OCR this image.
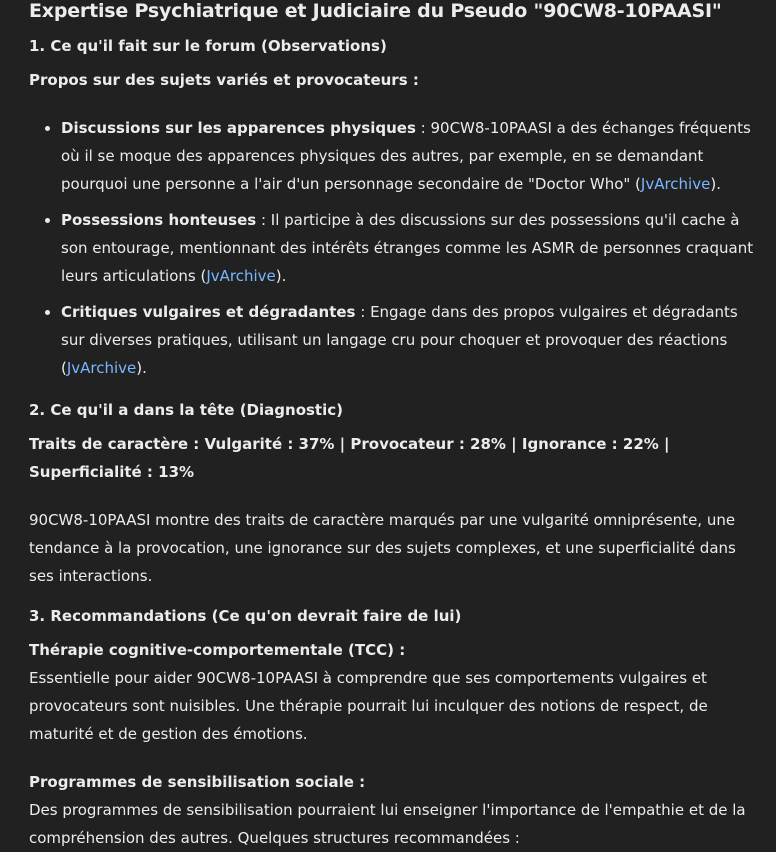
Expertise Psychiatrique et Judiciaire du Pseudo "90CW8-10PAASI"
1. Ce qu'il fait sur le forum (Observations)

Propos sur des sujets variés et provocateurs :

• Discussions sur les apparences physiques : 90CW8-10PAASI a des échanges fréquents où il se moque des apparences physiques des autres, par exemple, en se demandant pourquoi une personne a l'air d'un personnage secondaire de "Doctor Who" (JvArchive).
• Possessions honteuses : Il participe à des discussions sur des possessions qu'il cache à son entourage, mentionnant des intérêts étranges comme les ASMR de personnes craquant leurs articulations (JvArchive).
• Critiques vulgaires et dégradantes : Engage dans des propos vulgaires et dégradants sur diverses pratiques, utilisant un langage cru pour choquer et provoquer des réactions (JvArchive).
2. Ce qu'il a dans la tête (Diagnostic)

Traits de caractère : Vulgarité : 37% | Provocateur : 28% | Ignorance : 22% | Superficialité : 13%

90CW8-10PAASI montre des traits de caractère marqués par une vulgarité omniprésente, une tendance à la provocation, une ignorance sur des sujets complexes, et une superficialité dans ses interactions.

3. Recommandations (Ce qu'on devrait faire de lui)

Thérapie cognitive-comportementale (TCC) :
Essentielle pour aider 90CW8-10PAASI à comprendre que ses comportements vulgaires et provocateurs sont nuisibles. Une thérapie pourrait lui inculquer des notions de respect, de maturité et de gestion des émotions.

Programmes de sensibilisation sociale :
Des programmes de sensibilisation pourraient lui enseigner l'importance de l'empathie et de la compréhension des autres. Quelques structures recommandées :
